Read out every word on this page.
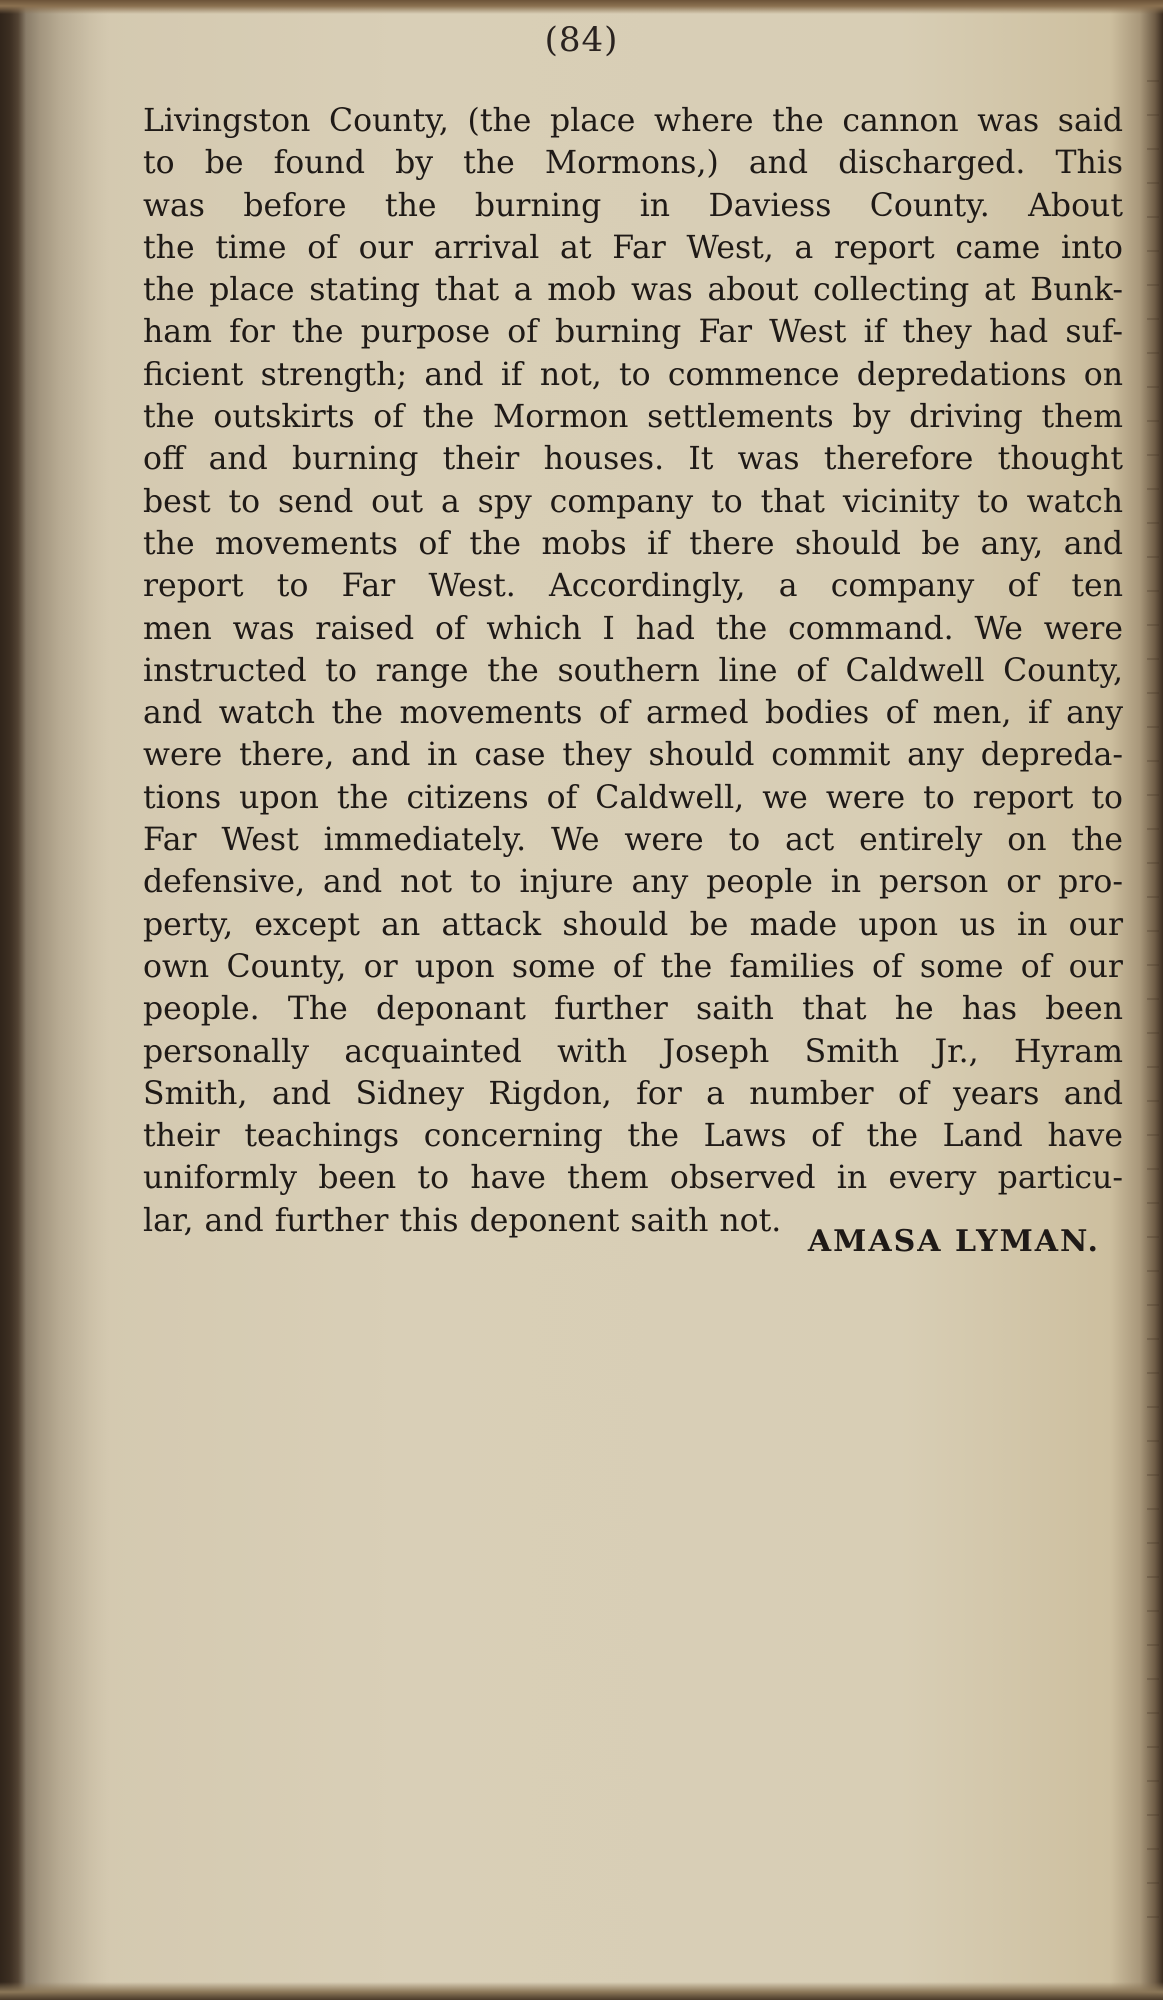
(84)
Livingston County, (the place where the cannon was said
to be found by the Mormons,) and discharged. This
was before the burning in Daviess County. About
the time of our arrival at Far West, a report came into
the place stating that a mob was about collecting at Bunk-
ham for the purpose of burning Far West if they had suf-
ficient strength; and if not, to commence depredations on
the outskirts of the Mormon settlements by driving them
off and burning their houses. It was therefore thought
best to send out a spy company to that vicinity to watch
the movements of the mobs if there should be any, and
report to Far West. Accordingly, a company of ten
men was raised of which I had the command. We were
instructed to range the southern line of Caldwell County,
and watch the movements of armed bodies of men, if any
were there, and in case they should commit any depreda-
tions upon the citizens of Caldwell, we were to report to
Far West immediately. We were to act entirely on the
defensive, and not to injure any people in person or pro-
perty, except an attack should be made upon us in our
own County, or upon some of the families of some of our
people. The deponant further saith that he has been
personally acquainted with Joseph Smith Jr., Hyram
Smith, and Sidney Rigdon, for a number of years and
their teachings concerning the Laws of the Land have
uniformly been to have them observed in every particu-
lar, and further this deponent saith not.
AMASA LYMAN.
